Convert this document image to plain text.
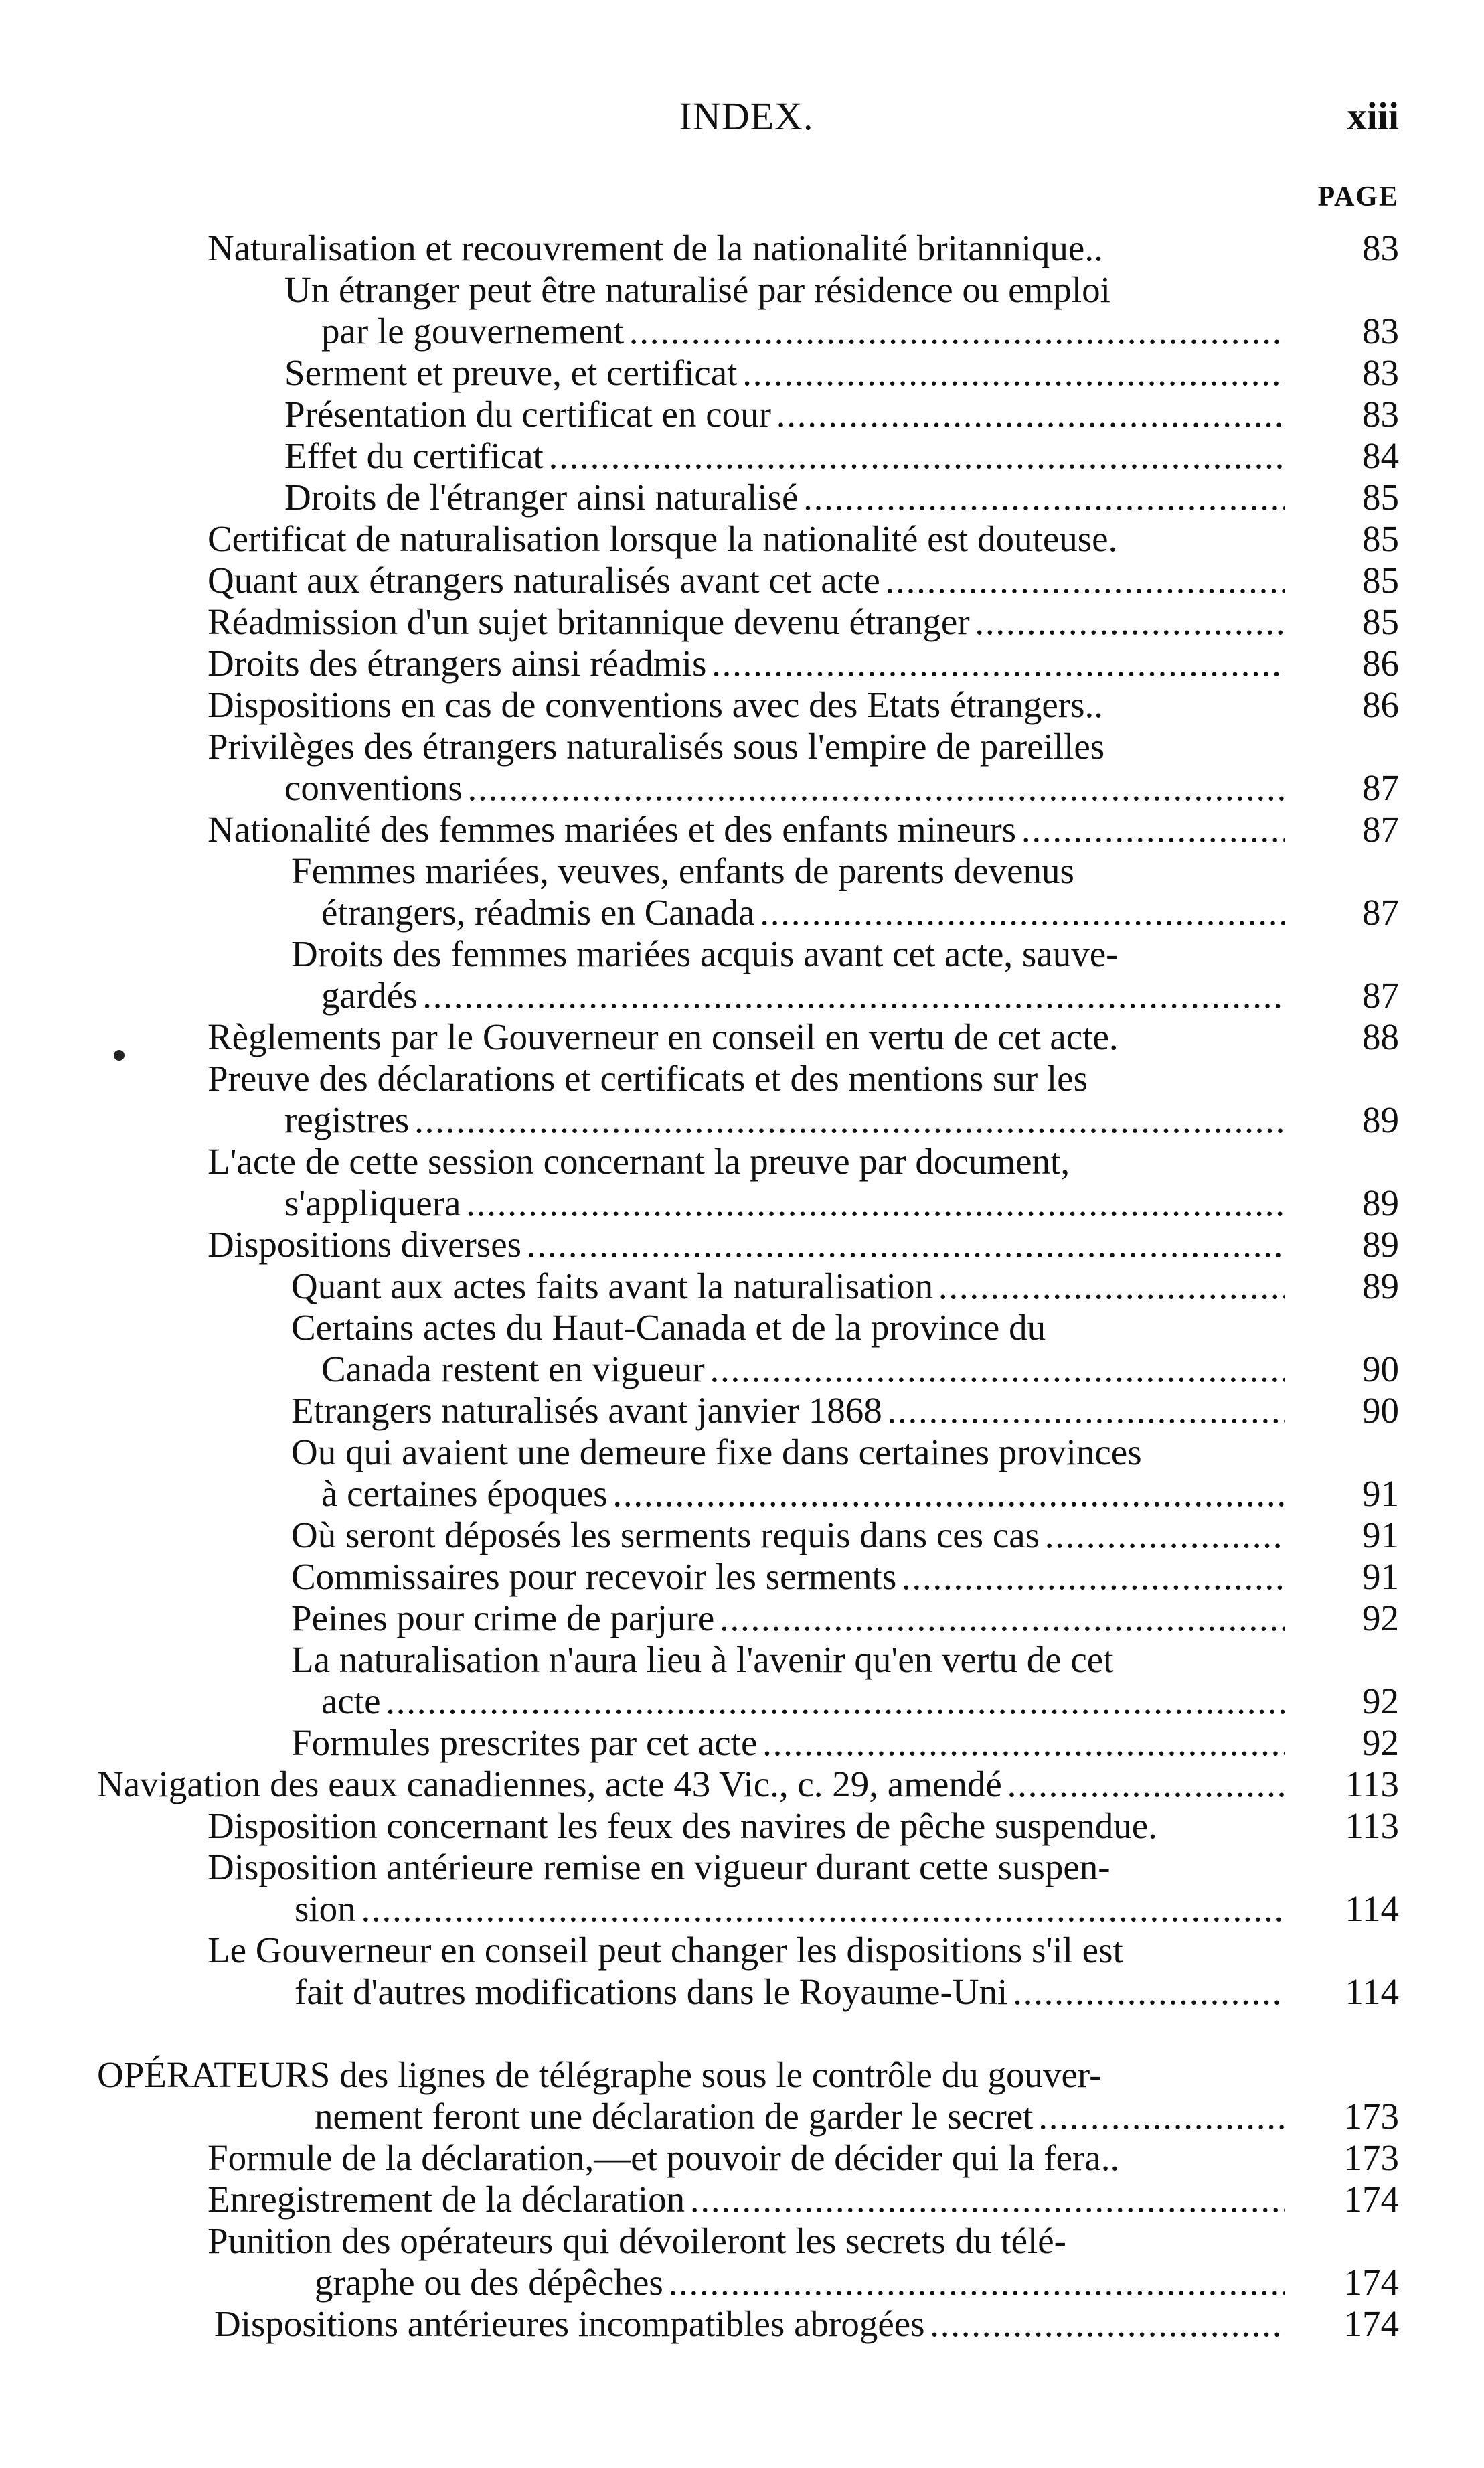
INDEX.	xiii
PAGE
Naturalisation et recouvrement de la nationalité britannique..	83
Un étranger peut être naturalisé par résidence ou emploi
par le gouvernement . . .	83
Serment et preuve, et certificat . . .	83
Présentation du certificat en cour . . .	83
Effet du certificat . . .	84
Droits de l'étranger ainsi naturalisé . . .	85
Certificat de naturalisation lorsque la nationalité est douteuse.	85
Quant aux étrangers naturalisés avant cet acte . . .	85
Réadmission d'un sujet britannique devenu étranger . . .	85
Droits des étrangers ainsi réadmis . . .	86
Dispositions en cas de conventions avec des Etats étrangers..	86
Privilèges des étrangers naturalisés sous l'empire de pareilles
conventions . . .	87
Nationalité des femmes mariées et des enfants mineurs . . .	87
Femmes mariées, veuves, enfants de parents devenus
étrangers, réadmis en Canada . . .	87
Droits des femmes mariées acquis avant cet acte, sauve-
gardés . . .	87
Règlements par le Gouverneur en conseil en vertu de cet acte.	88
Preuve des déclarations et certificats et des mentions sur les
registres . . .	89
L'acte de cette session concernant la preuve par document,
s'appliquera . . .	89
Dispositions diverses . . .	89
Quant aux actes faits avant la naturalisation . . .	89
Certains actes du Haut-Canada et de la province du
Canada restent en vigueur . . .	90
Etrangers naturalisés avant janvier 1868 . . .	90
Ou qui avaient une demeure fixe dans certaines provinces
à certaines époques . . .	91
Où seront déposés les serments requis dans ces cas . . .	91
Commissaires pour recevoir les serments . . .	91
Peines pour crime de parjure . . .	92
La naturalisation n'aura lieu à l'avenir qu'en vertu de cet
acte . . .	92
Formules prescrites par cet acte . . .	92
Navigation des eaux canadiennes, acte 43 Vic., c. 29, amendé . . .	113
Disposition concernant les feux des navires de pêche suspendue.	113
Disposition antérieure remise en vigueur durant cette suspen-
sion . . .	114
Le Gouverneur en conseil peut changer les dispositions s'il est
fait d'autres modifications dans le Royaume-Uni . . .	114
OPÉRATEURS des lignes de télégraphe sous le contrôle du gouver-
nement feront une déclaration de garder le secret . . .	173
Formule de la déclaration,—et pouvoir de décider qui la fera..	173
Enregistrement de la déclaration . . .	174
Punition des opérateurs qui dévoileront les secrets du télé-
graphe ou des dépêches . . .	174
Dispositions antérieures incompatibles abrogées . . .	174
